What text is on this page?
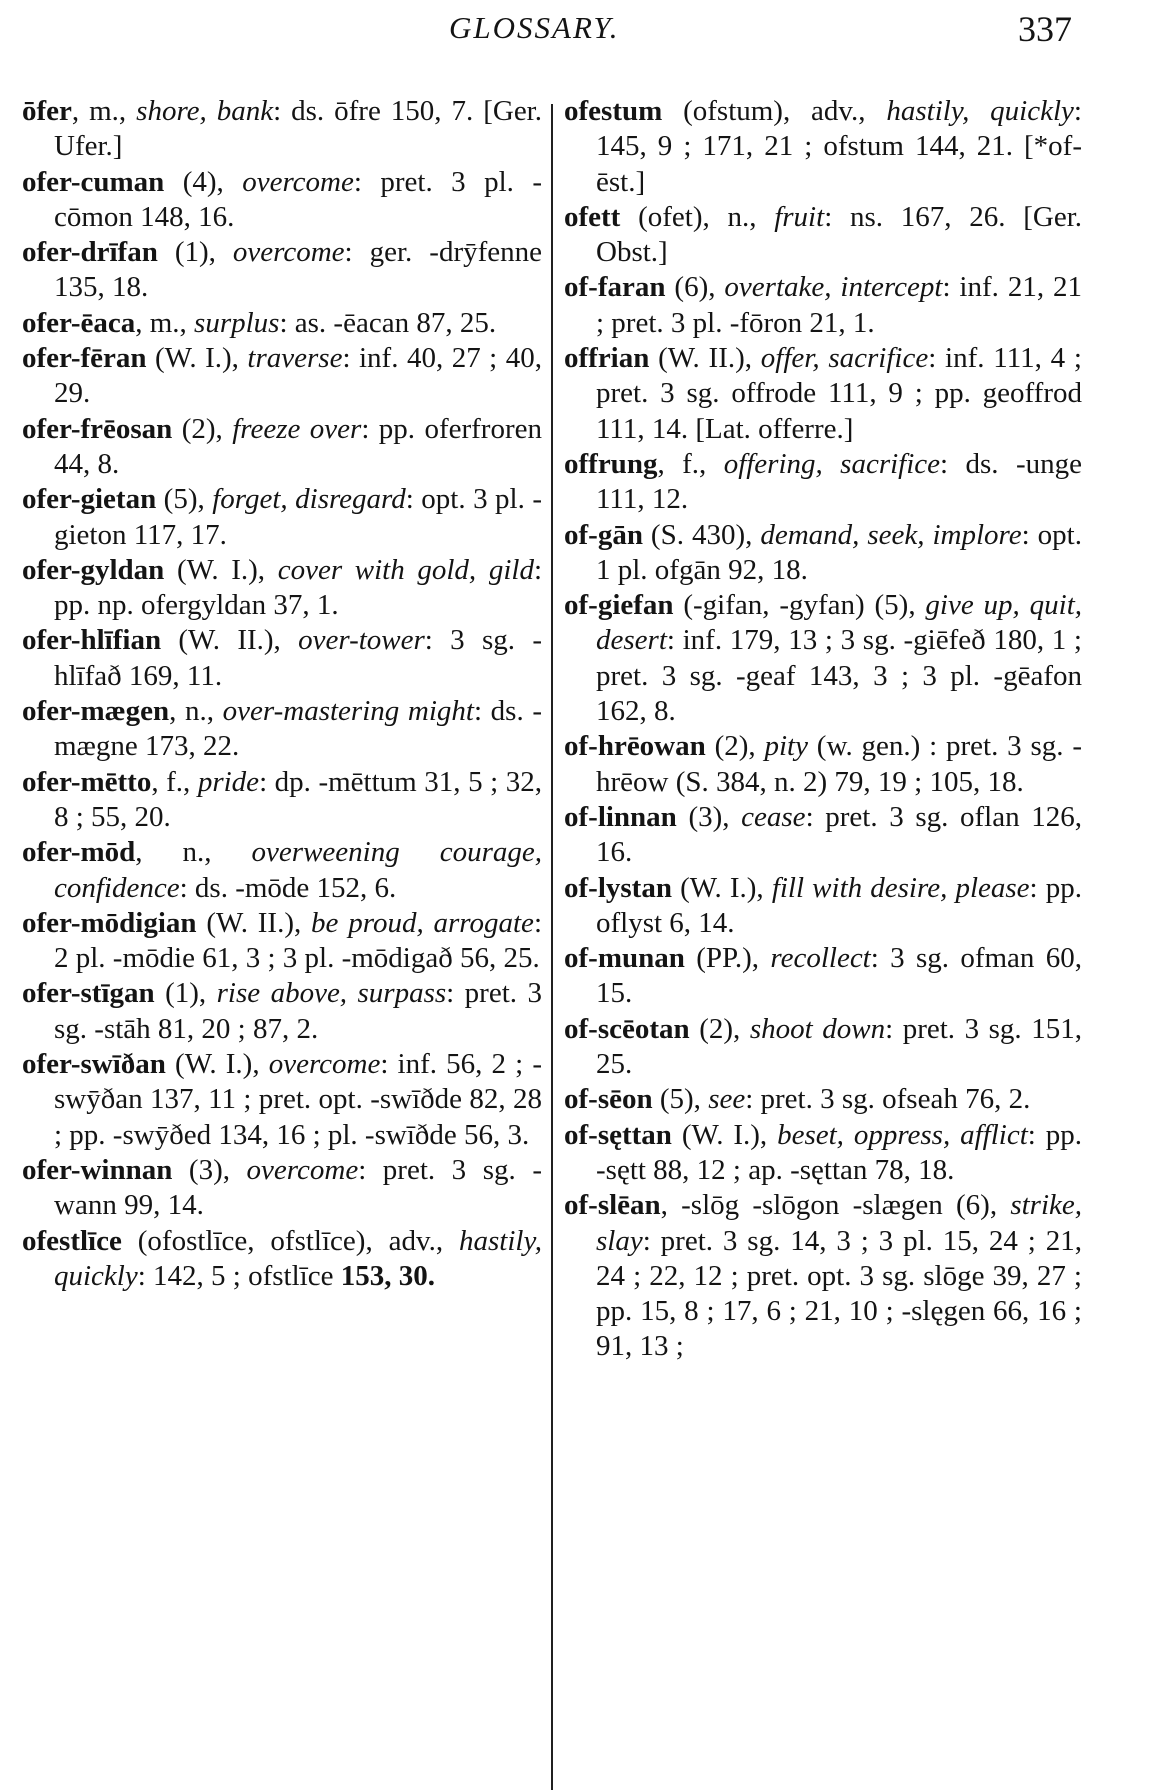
GLOSSARY.	337

ōfer, m., shore, bank: ds. ōfre 150, 7. [Ger. Ufer.]

ofer-cuman (4), overcome: pret. 3 pl. -cōmon 148, 16.

ofer-drīfan (1), overcome: ger. -drȳfenne 135, 18.

ofer-ēaca, m., surplus: as. -ēacan 87, 25.

ofer-fēran (W. I.), traverse: inf. 40, 27 ; 40, 29.

ofer-frēosan (2), freeze over: pp. oferfroren 44, 8.

ofer-gietan (5), forget, disregard: opt. 3 pl. -gieton 117, 17.

ofer-gyldan (W. I.), cover with gold, gild: pp. np. ofergyldan 37, 1.

ofer-hlīfian (W. II.), over-tower: 3 sg. -hlīfað 169, 11.

ofer-mægen, n., over-mastering might: ds. -mægne 173, 22.

ofer-mētto, f., pride: dp. -mēttum 31, 5 ; 32, 8 ; 55, 20.

ofer-mōd, n., overweening courage, confidence: ds. -mōde 152, 6.

ofer-mōdigian (W. II.), be proud, arrogate: 2 pl. -mōdie 61, 3 ; 3 pl. -mōdigað 56, 25.

ofer-stīgan (1), rise above, surpass: pret. 3 sg. -stāh 81, 20 ; 87, 2.

ofer-swīðan (W. I.), overcome: inf. 56, 2 ; -swȳðan 137, 11 ; pret. opt. -swīðde 82, 28 ; pp. -swȳðed 134, 16 ; pl. -swīðde 56, 3.

ofer-winnan (3), overcome: pret. 3 sg. -wann 99, 14.

ofestlīce (ofostlīce, ofstlīce), adv., hastily, quickly: 142, 5 ; ofstlīce 153, 30.

ofestum (ofstum), adv., hastily, quickly: 145, 9 ; 171, 21 ; ofstum 144, 21. [*of-ēst.]

ofett (ofet), n., fruit: ns. 167, 26. [Ger. Obst.]

of-faran (6), overtake, intercept: inf. 21, 21 ; pret. 3 pl. -fōron 21, 1.

offrian (W. II.), offer, sacrifice: inf. 111, 4 ; pret. 3 sg. offrode 111, 9 ; pp. geoffrod 111, 14. [Lat. offerre.]

offrung, f., offering, sacrifice: ds. -unge 111, 12.

of-gān (S. 430), demand, seek, implore: opt. 1 pl. ofgān 92, 18.

of-giefan (-gifan, -gyfan) (5), give up, quit, desert: inf. 179, 13 ; 3 sg. -giēfeð 180, 1 ; pret. 3 sg. -geaf 143, 3 ; 3 pl. -gēafon 162, 8.

of-hrēowan (2), pity (w. gen.) : pret. 3 sg. -hrēow (S. 384, n. 2) 79, 19 ; 105, 18.

of-linnan (3), cease: pret. 3 sg. oflan 126, 16.

of-lystan (W. I.), fill with desire, please: pp. oflyst 6, 14.

of-munan (PP.), recollect: 3 sg. ofman 60, 15.

of-scēotan (2), shoot down: pret. 3 sg. 151, 25.

of-sēon (5), see: pret. 3 sg. ofseah 76, 2.

of-sęttan (W. I.), beset, oppress, afflict: pp. -sętt 88, 12 ; ap. -sęttan 78, 18.

of-slēan, -slōg -slōgon -slægen (6), strike, slay: pret. 3 sg. 14, 3 ; 3 pl. 15, 24 ; 21, 24 ; 22, 12 ; pret. opt. 3 sg. slōge 39, 27 ; pp. 15, 8 ; 17, 6 ; 21, 10 ; -slęgen 66, 16 ; 91, 13 ;
